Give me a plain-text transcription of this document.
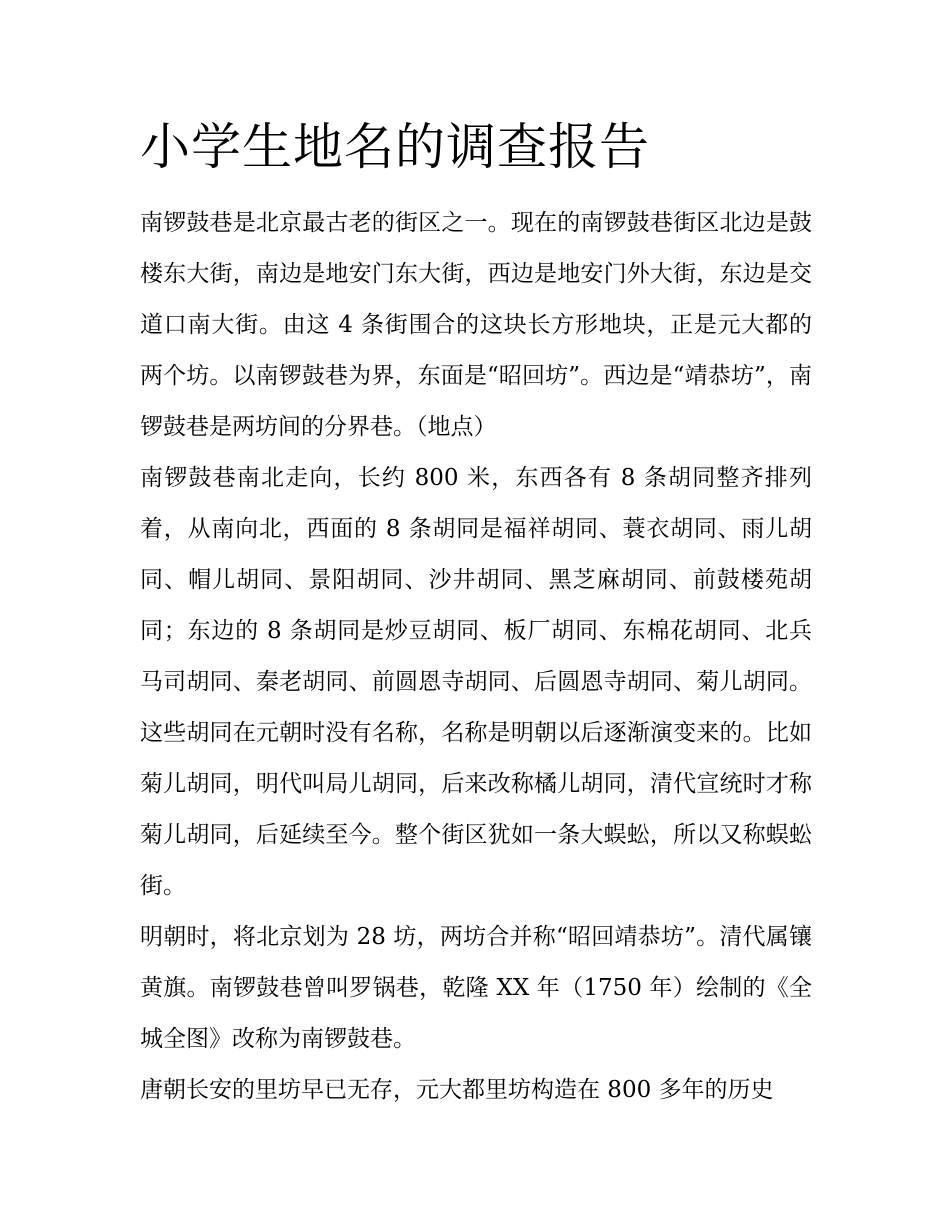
小学生地名的调查报告

南锣鼓巷是北京最古老的街区之一。现在的南锣鼓巷街区北边是鼓楼东大街，南边是地安门东大街，西边是地安门外大街，东边是交道口南大街。由这 4 条街围合的这块长方形地块，正是元大都的两个坊。以南锣鼓巷为界，东面是“昭回坊”。西边是“靖恭坊”，南锣鼓巷是两坊间的分界巷。（地点）

南锣鼓巷南北走向，长约 800 米，东西各有 8 条胡同整齐排列着，从南向北，西面的 8 条胡同是福祥胡同、蓑衣胡同、雨儿胡同、帽儿胡同、景阳胡同、沙井胡同、黑芝麻胡同、前鼓楼苑胡同；东边的 8 条胡同是炒豆胡同、板厂胡同、东棉花胡同、北兵马司胡同、秦老胡同、前圆恩寺胡同、后圆恩寺胡同、菊儿胡同。这些胡同在元朝时没有名称，名称是明朝以后逐渐演变来的。比如菊儿胡同，明代叫局儿胡同，后来改称橘儿胡同，清代宣统时才称菊儿胡同，后延续至今。整个街区犹如一条大蜈蚣，所以又称蜈蚣街。

明朝时，将北京划为 28 坊，两坊合并称“昭回靖恭坊”。清代属镶黄旗。南锣鼓巷曾叫罗锅巷，乾隆 XX 年（1750 年）绘制的《全城全图》改称为南锣鼓巷。

唐朝长安的里坊早已无存，元大都里坊构造在 800 多年的历史
